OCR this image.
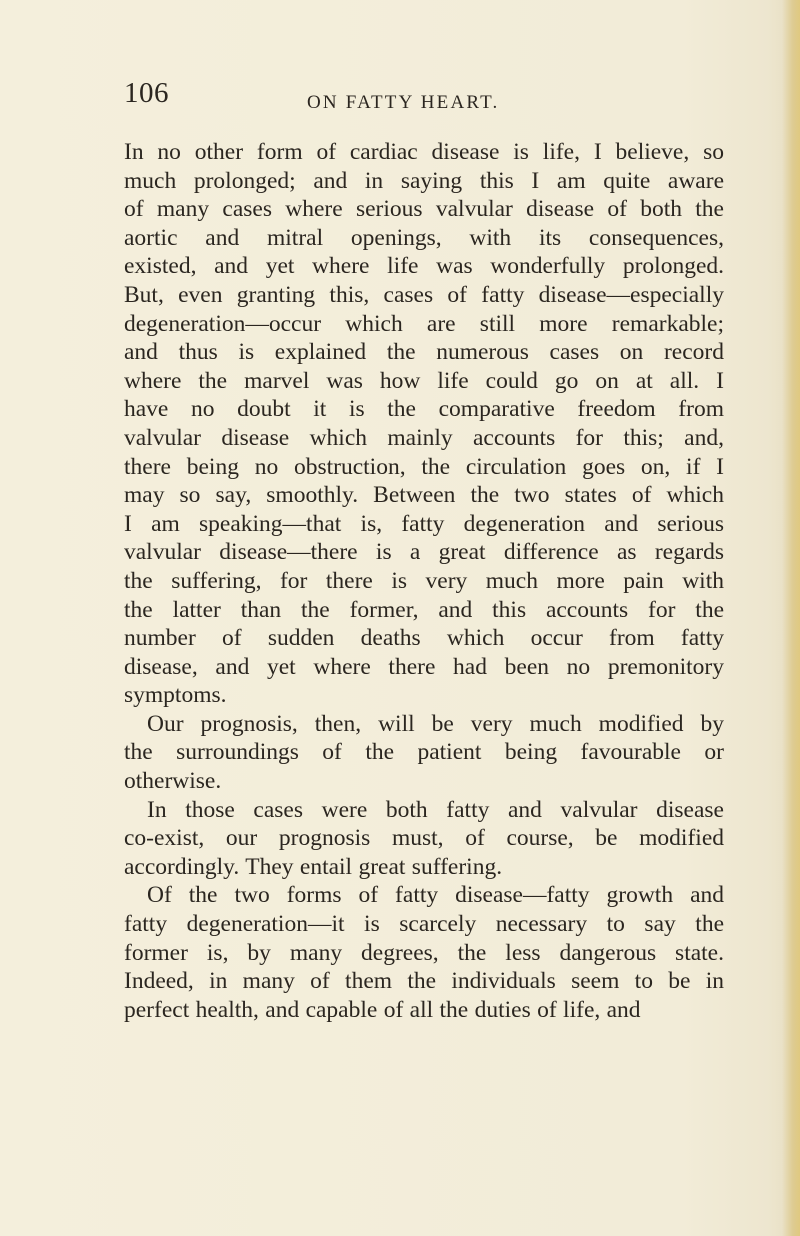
106	ON FATTY HEART.
In no other form of cardiac disease is life, I believe, so
much prolonged; and in saying this I am quite aware
of many cases where serious valvular disease of both the
aortic and mitral openings, with its consequences,
existed, and yet where life was wonderfully prolonged.
But, even granting this, cases of fatty disease—especially
degeneration—occur which are still more remarkable;
and thus is explained the numerous cases on record
where the marvel was how life could go on at all. I
have no doubt it is the comparative freedom from
valvular disease which mainly accounts for this; and,
there being no obstruction, the circulation goes on, if I
may so say, smoothly. Between the two states of which
I am speaking—that is, fatty degeneration and serious
valvular disease—there is a great difference as regards
the suffering, for there is very much more pain with
the latter than the former, and this accounts for the
number of sudden deaths which occur from fatty
disease, and yet where there had been no premonitory
symptoms.
Our prognosis, then, will be very much modified by
the surroundings of the patient being favourable or
otherwise.
In those cases were both fatty and valvular disease
co-exist, our prognosis must, of course, be modified
accordingly. They entail great suffering.
Of the two forms of fatty disease—fatty growth and
fatty degeneration—it is scarcely necessary to say the
former is, by many degrees, the less dangerous state.
Indeed, in many of them the individuals seem to be in
perfect health, and capable of all the duties of life, and
